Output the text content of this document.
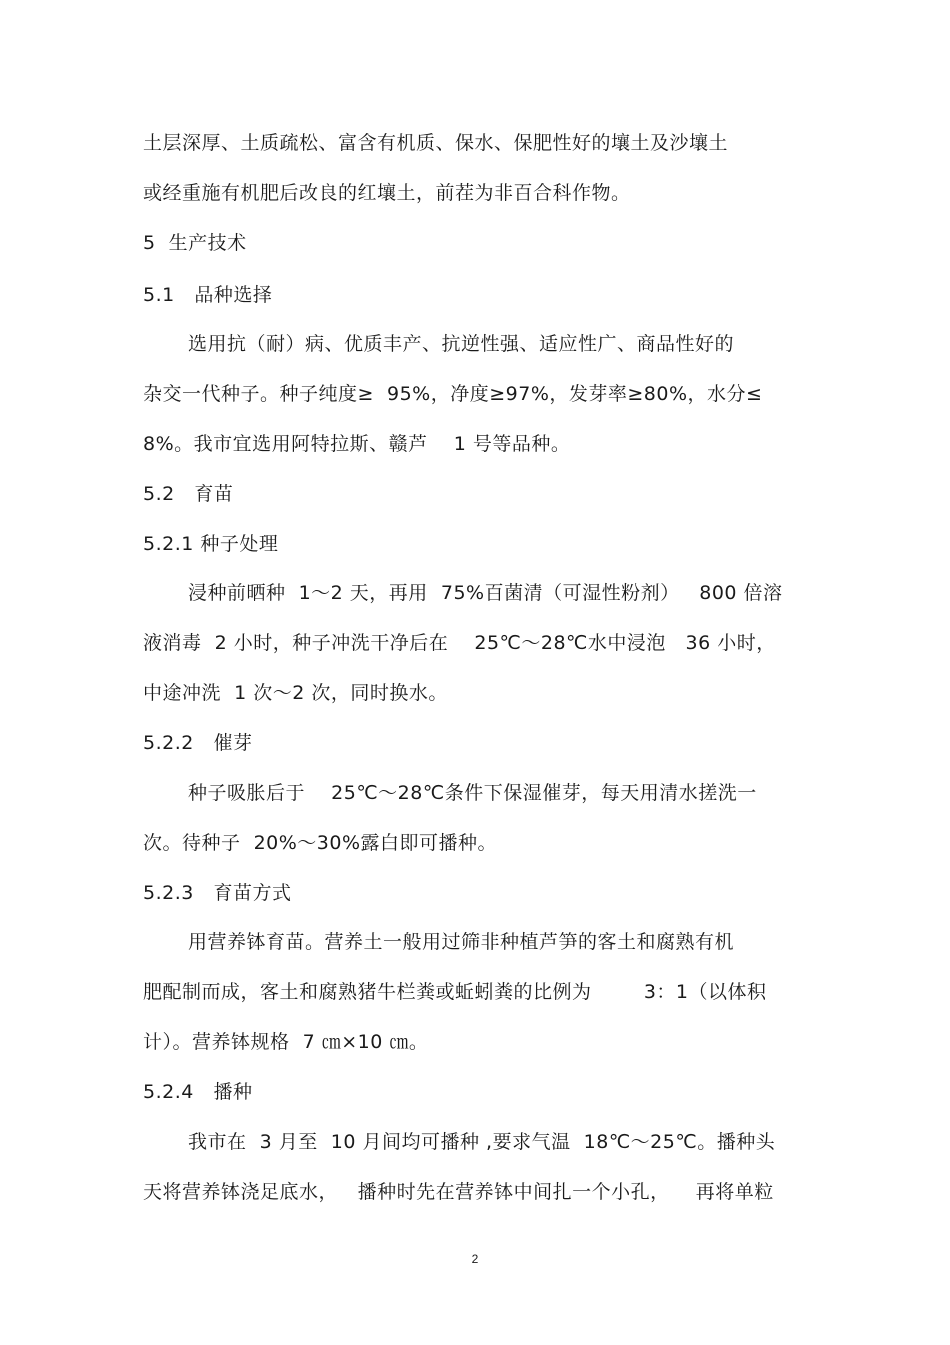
土层深厚、土质疏松、富含有机质、保水、保肥性好的壤土及沙壤土
或经重施有机肥后改良的红壤土，前茬为非百合科作物。
5  生产技术
5.1   品种选择
选用抗（耐）病、优质丰产、抗逆性强、适应性广、商品性好的
杂交一代种子。种子纯度≥  95%，净度≥97%，发芽率≥80%，水分≤
8%。我市宜选用阿特拉斯、赣芦    1 号等品种。
5.2   育苗
5.2.1 种子处理
浸种前晒种  1～2 天，再用  75%百菌清（可湿性粉剂）   800 倍溶
液消毒  2 小时，种子冲洗干净后在    25℃～28℃水中浸泡   36 小时，
中途冲洗  1 次～2 次，同时换水。
5.2.2   催芽
种子吸胀后于    25℃～28℃条件下保湿催芽，每天用清水搓洗一
次。待种子  20%～30%露白即可播种。
5.2.3   育苗方式
用营养钵育苗。营养土一般用过筛非种植芦笋的客土和腐熟有机
肥配制而成，客土和腐熟猪牛栏粪或蚯蚓粪的比例为        3：1（以体积
计）。营养钵规格  7 ㎝×10 ㎝。
5.2.4   播种
我市在  3 月至  10 月间均可播种 ,要求气温  18℃～25℃。播种头
天将营养钵浇足底水，   播种时先在营养钵中间扎一个小孔，    再将单粒
2
